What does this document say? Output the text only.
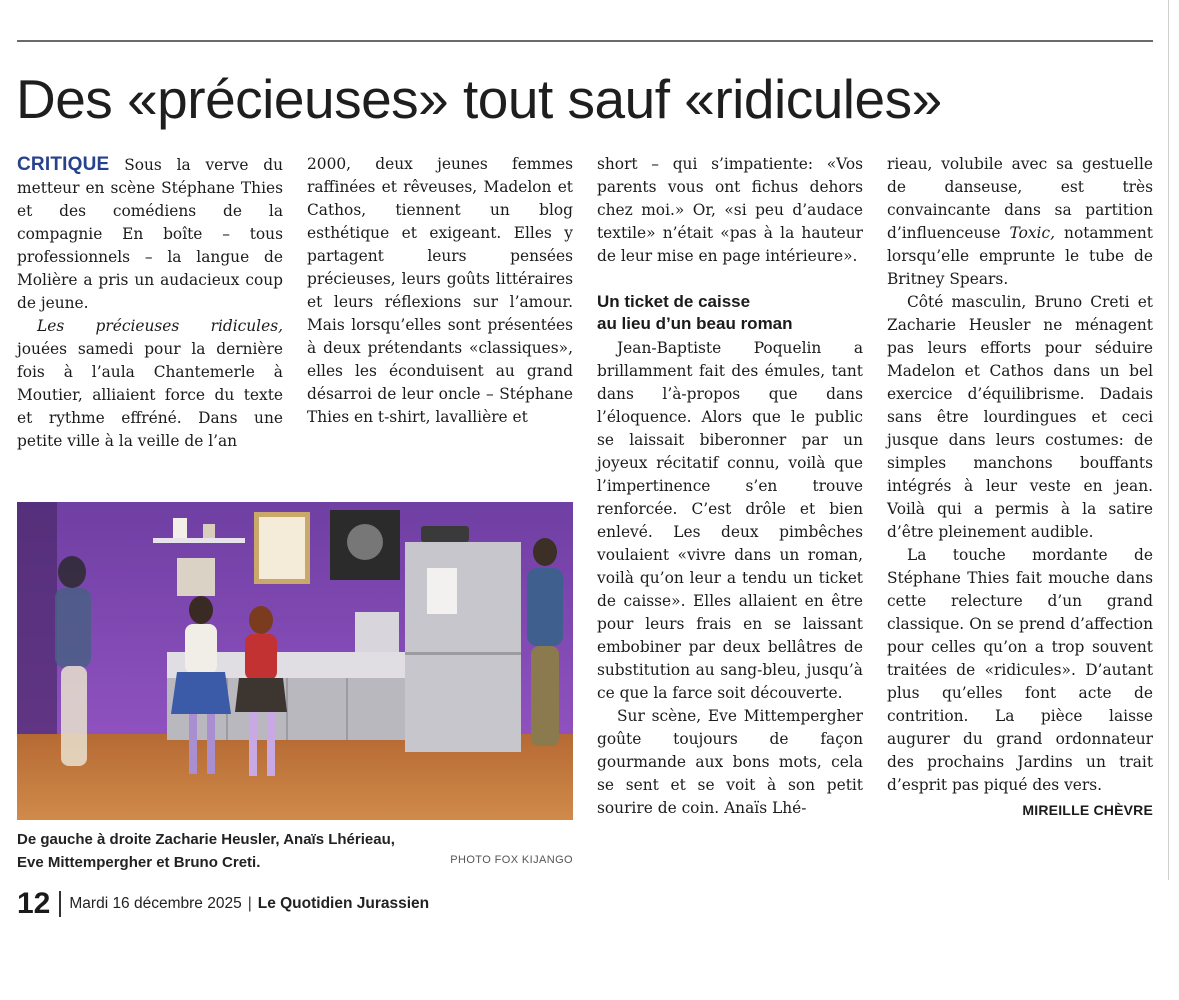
Des «précieuses» tout sauf «ridicules»

CRITIQUE Sous la verve du metteur en scène Stéphane Thies et des comédiens de la compagnie En boîte – tous professionnels – la langue de Molière a pris un audacieux coup de jeune.

Les précieuses ridicules, jouées samedi pour la dernière fois à l’aula Chantemerle à Moutier, alliaient force du texte et rythme effréné. Dans une petite ville à la veille de l’an

2000, deux jeunes femmes raffinées et rêveuses, Madelon et Cathos, tiennent un blog esthétique et exigeant. Elles y partagent leurs pensées précieuses, leurs goûts littéraires et leurs réflexions sur l’amour. Mais lorsqu’elles sont présentées à deux prétendants «classiques», elles les éconduisent au grand désarroi de leur oncle – Stéphane Thies en t-shirt, lavallière et

short – qui s’impatiente: «Vos parents vous ont fichus dehors chez moi.» Or, «si peu d’audace textile» n’était «pas à la hauteur de leur mise en page intérieure».

Un ticket de caisse
au lieu d’un beau roman

Jean-Baptiste Poquelin a brillamment fait des émules, tant dans l’à-propos que dans l’éloquence. Alors que le public se laissait biberonner par un joyeux récitatif connu, voilà que l’impertinence s’en trouve renforcée. C’est drôle et bien enlevé. Les deux pimbêches voulaient «vivre dans un roman, voilà qu’on leur a tendu un ticket de caisse». Elles allaient en être pour leurs frais en se laissant embobiner par deux bellâtres de substitution au sang-bleu, jusqu’à ce que la farce soit découverte.

Sur scène, Eve Mittempergher goûte toujours de façon gourmande aux bons mots, cela se sent et se voit à son petit sourire de coin. Anaïs Lhé-

rieau, volubile avec sa gestuelle de danseuse, est très convaincante dans sa partition d’influenceuse Toxic, notamment lorsqu’elle emprunte le tube de Britney Spears.

Côté masculin, Bruno Creti et Zacharie Heusler ne ménagent pas leurs efforts pour séduire Madelon et Cathos dans un bel exercice d’équilibrisme. Dadais sans être lourdingues et ceci jusque dans leurs costumes: de simples manchons bouffants intégrés à leur veste en jean. Voilà qui a permis à la satire d’être pleinement audible.

La touche mordante de Stéphane Thies fait mouche dans cette relecture d’un grand classique. On se prend d’affection pour celles qu’on a trop souvent traitées de «ridicules». D’autant plus qu’elles font acte de contrition. La pièce laisse augurer du grand ordonnateur des prochains Jardins un trait d’esprit pas piqué des vers.

MIREILLE CHÈVRE
De gauche à droite Zacharie Heusler, Anaïs Lhérieau,
Eve Mittempergher et Bruno Creti.	PHOTO FOX KIJANGO
12 Mardi 16 décembre 2025 | Le Quotidien Jurassien
